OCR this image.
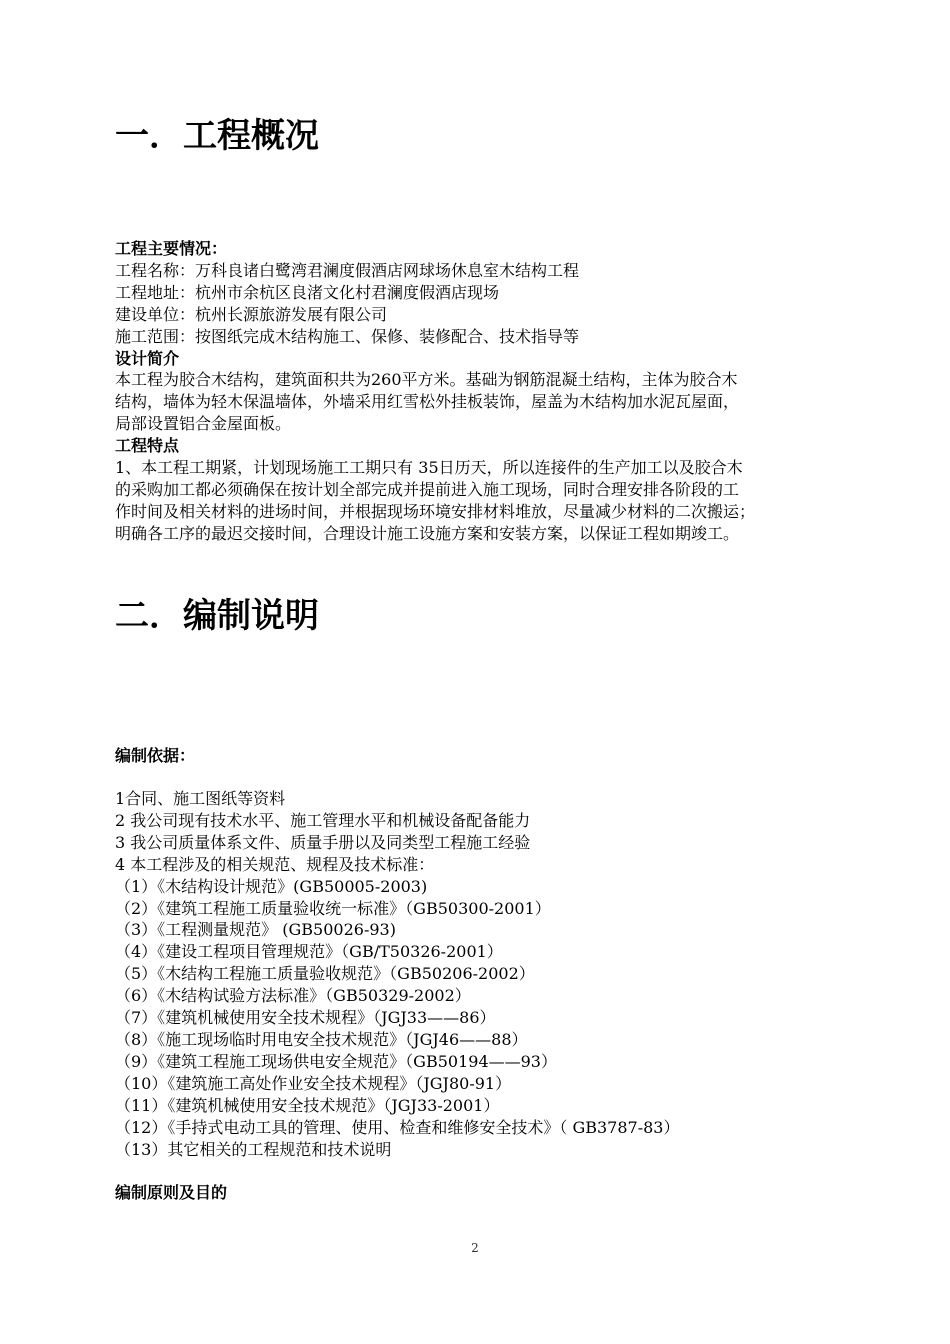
一．工程概况
工程主要情况：
工程名称：万科良诸白鹭湾君澜度假酒店网球场休息室木结构工程
工程地址：杭州市余杭区良渚文化村君澜度假酒店现场
建设单位：杭州长源旅游发展有限公司
施工范围：按图纸完成木结构施工、保修、装修配合、技术指导等
设计简介
本工程为胶合木结构，建筑面积共为260平方米。基础为钢筋混凝土结构，主体为胶合木
结构，墙体为轻木保温墙体，外墙采用红雪松外挂板装饰，屋盖为木结构加水泥瓦屋面，
局部设置铝合金屋面板。
工程特点
1、本工程工期紧，计划现场施工工期只有 35日历天，所以连接件的生产加工以及胶合木
的采购加工都必须确保在按计划全部完成并提前进入施工现场，同时合理安排各阶段的工
作时间及相关材料的进场时间，并根据现场环境安排材料堆放，尽量减少材料的二次搬运；
明确各工序的最迟交接时间，合理设计施工设施方案和安装方案，以保证工程如期竣工。
二．编制说明
编制依据：
1合同、施工图纸等资料
2 我公司现有技术水平、施工管理水平和机械设备配备能力
3 我公司质量体系文件、质量手册以及同类型工程施工经验
4 本工程涉及的相关规范、规程及技术标准：
（1）《木结构设计规范》(GB50005-2003)
（2）《建筑工程施工质量验收统一标准》（GB50300-2001）
（3）《工程测量规范》 (GB50026-93)
（4）《建设工程项目管理规范》（GB/T50326-2001）
（5）《木结构工程施工质量验收规范》（GB50206-2002）
（6）《木结构试验方法标准》（GB50329-2002）
（7）《建筑机械使用安全技术规程》（JGJ33——86）
（8）《施工现场临时用电安全技术规范》（JGJ46——88）
（9）《建筑工程施工现场供电安全规范》（GB50194——93）
（10）《建筑施工高处作业安全技术规程》（JGJ80-91）
（11）《建筑机械使用安全技术规范》（JGJ33-2001）
（12）《手持式电动工具的管理、使用、检查和维修安全技术》（ GB3787-83）
（13）其它相关的工程规范和技术说明
编制原则及目的
2
